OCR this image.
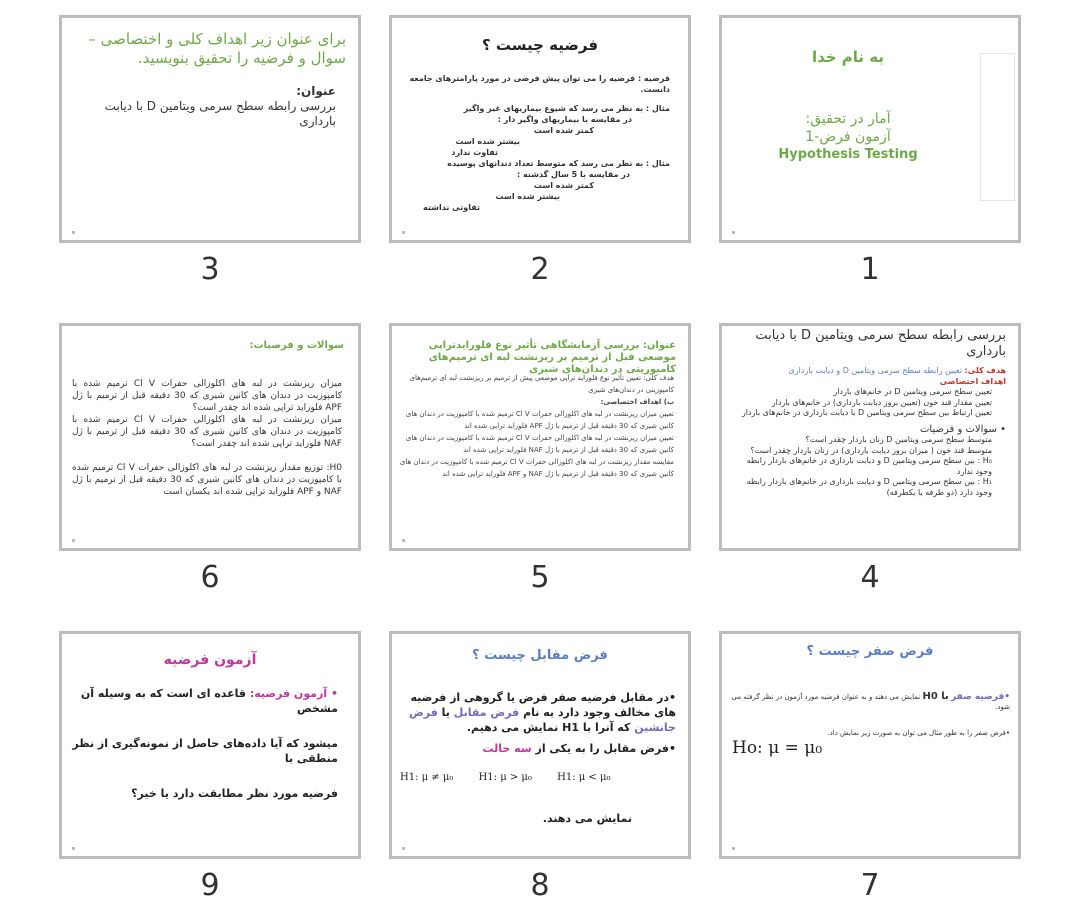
به نام خدا
آمار در تحقیق:
آزمون فرض-1
Hypothesis Testing
1
فرضیه چیست ؟
فرضیه : فرضیه را می توان پیش فرضی در مورد پارامترهای جامعه دانست.
مثال : به نظر می رسد که شیوع بیماریهای غیر واگیر
در مقایسه با بیماریهای واگیر دار :
کمتر شده است
بیشتر شده است
تفاوت ندارد
مثال : به نظر می رسد که متوسط تعداد دندانهای پوسیده
در مقایسه با 5 سال گذشته :
کمتر شده است
بیشتر شده است
تفاوتی نداشته
2
برای عنوان زیر اهداف کلی و اختصاصی – سوال و فرضیه را تحقیق بنویسید.
عنوان:
بررسی رابطه سطح سرمی ویتامین D با دیابت بارداری
3
بررسی رابطه سطح سرمی ویتامین D با دیابت بارداری
هدف کلی: تعیین رابطه سطح سرمی ویتامین D و دیابت بارداری
اهداف اختصاصی
تعیین سطح سرمی ویتامین D در خانم‌های باردار
تعیین مقدار قند خون (تعیین بروز دیابت بارداری) در خانم‌های باردار
تعیین ارتباط بین سطح سرمی ویتامین D با دیابت بارداری در خانم‌های باردار
• سوالات و فرضیات
متوسط سطح سرمی ویتامین D زنان باردار چقدر است؟
متوسط قند خون ( میزان بروز دیابت بارداری) در زنان باردار چقدر است؟
H₀ : بین سطح سرمی ویتامین D و دیابت بارداری در خانم‌های باردار رابطه وجود ندارد
H₁ : بین سطح سرمی ویتامین D و دیابت بارداری در خانم‌های باردار رابطه وجود دارد (دو طرفه یا یکطرفه)
4
عنوان: بررسی آزمایشگاهی تأثیر نوع فلوراید‌تراپی موضعی قبل از ترمیم بر ریزنشت لبه ای ترمیم‌های کامپوزیتی در دندان‌های شیری
هدف کلی: تعیین تأثیر نوع فلوراید تراپی موضعی پیش از ترمیم بر ریزنشت لبه ای ترمیم‌های کامپوزیتی در دندان‌های شیری
ب) اهداف اختصاصی:
تعیین میزان ریزنشت در لبه های اکلوزالی حفرات Cl V ترمیم شده با کامپوزیت در دندان های کانین شیری که 30 دقیقه قبل از ترمیم با ژل APF فلوراید تراپی شده اند
تعیین میزان ریزنشت در لبه های اکلوزالی حفرات Cl V ترمیم شده با کامپوزیت در دندان های کانین شیری که 30 دقیقه قبل از ترمیم با ژل NAF فلوراید تراپی شده اند
مقایسه مقدار ریزنشت در لبه های اکلوزالی حفرات Cl V ترمیم شده با کامپوزیت در دندان های کانین شیری که 30 دقیقه قبل از ترمیم با ژل NAF و APF فلوراید تراپی شده اند
5
سوالات و فرضیات:
میزان ریزنشت در لبه های اکلوزالی حفرات Cl V ترمیم شده با کامپوزیت در دندان های کانین شیری که 30 دقیقه قبل از ترمیم با ژل APF فلوراید تراپی شده اند چقدر است؟
میزان ریزنشت در لبه های اکلوزالی حفرات Cl V ترمیم شده با کامپوزیت در دندان های کانین شیری که 30 دقیقه قبل از ترمیم با ژل NAF فلوراید تراپی شده اند چقدر است؟
H0: توزیع مقدار ریزنشت در لبه های اکلوزالی حفرات Cl V ترمیم شده با کامپوزیت در دندان های کانین شیری که 30 دقیقه قبل از ترمیم با ژل NAF و APF فلوراید تراپی شده اند یکسان است
6
فرض صفر چیست ؟
•فرضیه صفر با H0 نمایش می دهند و به عنوان فرضیه مورد آزمون در نظر گرفته می شود.
•فرض صفر را به طور مثال می توان به صورت زیر نمایش داد.
Ho: μ = μ₀
7
فرض مقابل چیست ؟
•در مقابل فرضیه صفر فرض یا گروهی از فرضیه های مخالف وجود دارد به نام فرض مقابل یا فرض جانشین که آنرا با H1 نمایش می دهیم.
•فرض مقابل را به یکی از سه حالت
H1: μ ≠ μ₀	H1: μ > μ₀	H1: μ < μ₀
نمایش می دهند.
8
آزمون فرضیه
• آزمون فرضیه: قاعده ای است که به وسیله آن مشخص
میشود که آیا داده‌های حاصل از نمونه‌گیری از نظر منطقی با
فرضیه مورد نظر مطابقت دارد یا خیر؟
9
